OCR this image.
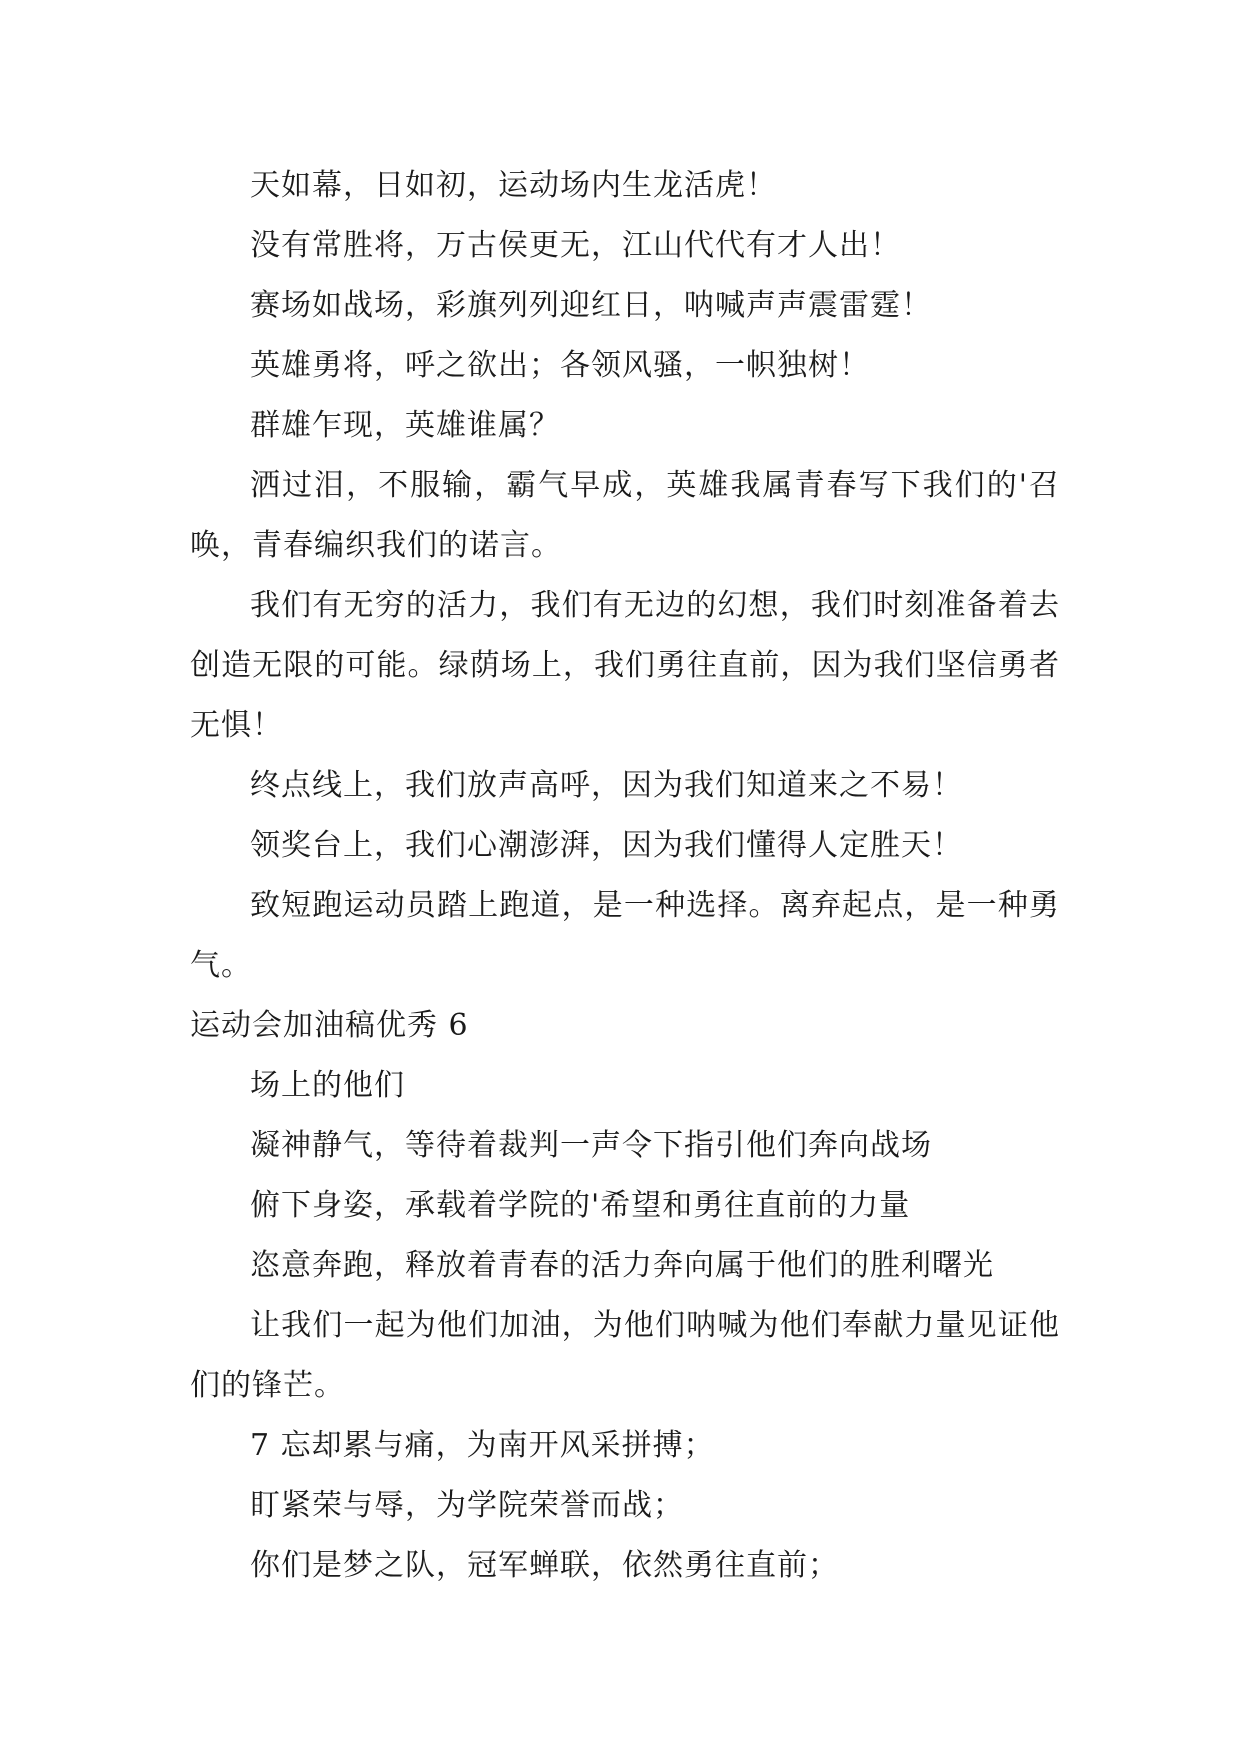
天如幕，日如初，运动场内生龙活虎！

没有常胜将，万古侯更无，江山代代有才人出！

赛场如战场，彩旗列列迎红日，呐喊声声震雷霆！

英雄勇将，呼之欲出；各领风骚，一帜独树！

群雄乍现，英雄谁属？

洒过泪，不服输，霸气早成，英雄我属青春写下我们的'召唤，青春编织我们的诺言。

我们有无穷的活力，我们有无边的幻想，我们时刻准备着去创造无限的可能。绿荫场上，我们勇往直前，因为我们坚信勇者无惧！

终点线上，我们放声高呼，因为我们知道来之不易！

领奖台上，我们心潮澎湃，因为我们懂得人定胜天！

致短跑运动员踏上跑道，是一种选择。离弃起点，是一种勇气。

运动会加油稿优秀 6

场上的他们

凝神静气，等待着裁判一声令下指引他们奔向战场

俯下身姿，承载着学院的'希望和勇往直前的力量

恣意奔跑，释放着青春的活力奔向属于他们的胜利曙光

让我们一起为他们加油，为他们呐喊为他们奉献力量见证他们的锋芒。

7 忘却累与痛，为南开风采拼搏；

盯紧荣与辱，为学院荣誉而战；

你们是梦之队，冠军蝉联，依然勇往直前；
